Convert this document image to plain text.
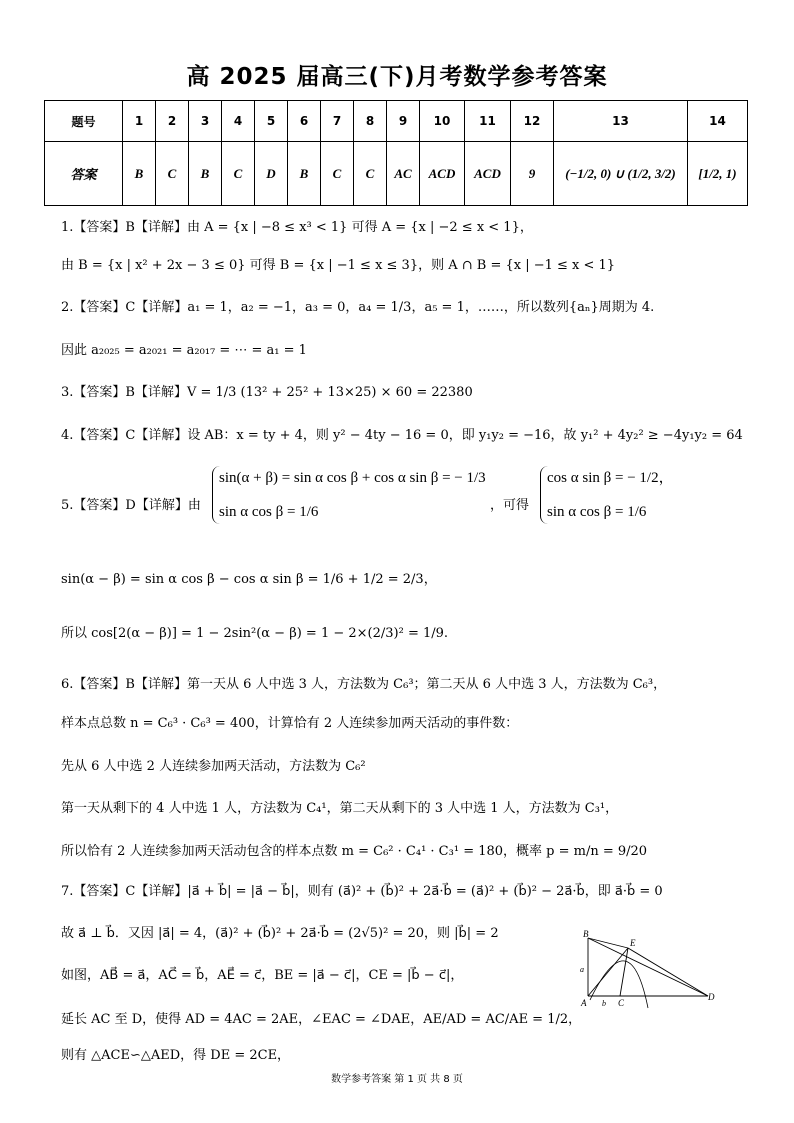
高 2025 届高三(下)月考数学参考答案
题号	1	2	3	4	5	6	7	8	9	10	11	12	13	14
答案	B	C	B	C	D	B	C	C	AC	ACD	ACD	9	(−1/2, 0) ∪ (1/2, 3/2)	[1/2, 1)
1.【答案】B【详解】由 A = {x | −8 ≤ x³ < 1} 可得 A = {x | −2 ≤ x < 1}，
由 B = {x | x² + 2x − 3 ≤ 0} 可得 B = {x | −1 ≤ x ≤ 3}，则 A ∩ B = {x | −1 ≤ x < 1}
2.【答案】C【详解】a₁ = 1，a₂ = −1，a₃ = 0，a₄ = 1/3，a₅ = 1，……，所以数列{aₙ}周期为 4.
因此 a₂₀₂₅ = a₂₀₂₁ = a₂₀₁₇ = ⋯ = a₁ = 1
3.【答案】B【详解】V = 1/3 (13² + 25² + 13×25) × 60 = 22380
4.【答案】C【详解】设 AB：x = ty + 4，则 y² − 4ty − 16 = 0，即 y₁y₂ = −16，故 y₁² + 4y₂² ≥ −4y₁y₂ = 64
5.【答案】D【详解】由
sin(α + β) = sin α cos β + cos α sin β = − 1/3
sin α cos β = 1/6	，可得
cos α sin β = − 1/2，
sin α cos β = 1/6
sin(α − β) = sin α cos β − cos α sin β = 1/6 + 1/2 = 2/3，
所以 cos[2(α − β)] = 1 − 2sin²(α − β) = 1 − 2×(2/3)² = 1/9.
6.【答案】B【详解】第一天从 6 人中选 3 人，方法数为 C₆³；第二天从 6 人中选 3 人，方法数为 C₆³，
样本点总数 n = C₆³ · C₆³ = 400，计算恰有 2 人连续参加两天活动的事件数：
先从 6 人中选 2 人连续参加两天活动，方法数为 C₆²
第一天从剩下的 4 人中选 1 人，方法数为 C₄¹，第二天从剩下的 3 人中选 1 人，方法数为 C₃¹，
所以恰有 2 人连续参加两天活动包含的样本点数 m = C₆² · C₄¹ · C₃¹ = 180，概率 p = m/n = 9/20
7.【答案】C【详解】|a⃗ + b⃗| = |a⃗ − b⃗|，则有 (a⃗)² + (b⃗)² + 2a⃗·b⃗ = (a⃗)² + (b⃗)² − 2a⃗·b⃗，即 a⃗·b⃗ = 0
故 a⃗ ⊥ b⃗．又因 |a⃗| = 4，(a⃗)² + (b⃗)² + 2a⃗·b⃗ = (2√5)² = 20，则 |b⃗| = 2
如图，AB⃗ = a⃗，AC⃗ = b⃗，AE⃗ = c⃗，BE = |a⃗ − c⃗|，CE = |b⃗ − c⃗|，
延长 AC 至 D，使得 AD = 4AC = 2AE，∠EAC = ∠DAE，AE/AD = AC/AE = 1/2，
则有 △ACE∽△AED，得 DE = 2CE，
B
E
a
A b C
D
数学参考答案 第 1 页 共 8 页
